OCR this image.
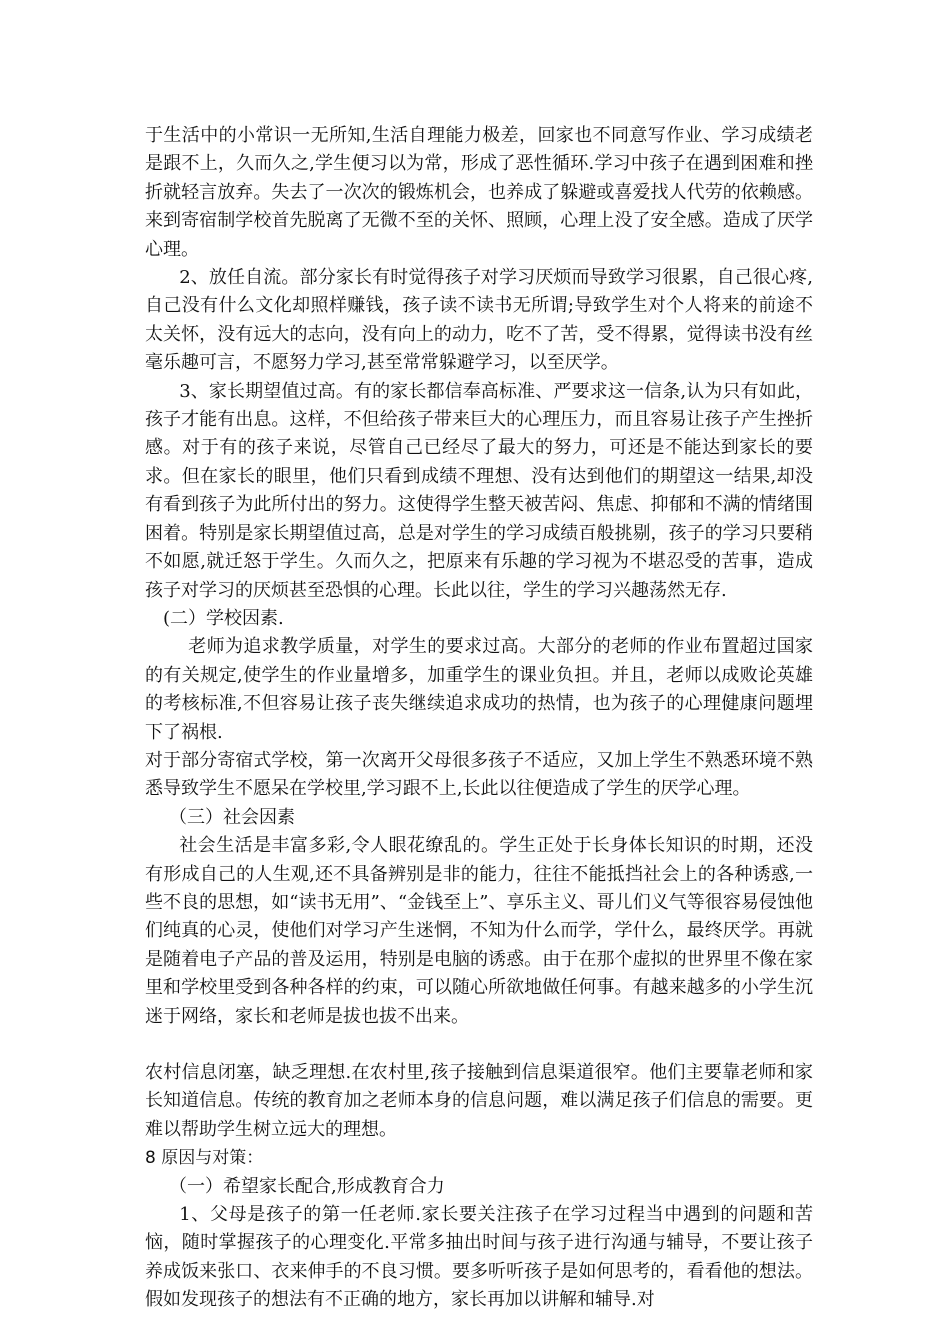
于生活中的小常识一无所知,生活自理能力极差，回家也不同意写作业、学习成绩老是跟不上，久而久之,学生便习以为常，形成了恶性循环.学习中孩子在遇到困难和挫折就轻言放弃。失去了一次次的锻炼机会，也养成了躲避或喜爱找人代劳的依赖感。来到寄宿制学校首先脱离了无微不至的关怀、照顾，心理上没了安全感。造成了厌学心理。

2、放任自流。部分家长有时觉得孩子对学习厌烦而导致学习很累，自己很心疼,自己没有什么文化却照样赚钱，孩子读不读书无所谓;导致学生对个人将来的前途不太关怀，没有远大的志向，没有向上的动力，吃不了苦，受不得累，觉得读书没有丝毫乐趣可言，不愿努力学习,甚至常常躲避学习，以至厌学。

3、家长期望值过高。有的家长都信奉高标准、严要求这一信条,认为只有如此，孩子才能有出息。这样，不但给孩子带来巨大的心理压力，而且容易让孩子产生挫折感。对于有的孩子来说，尽管自己已经尽了最大的努力，可还是不能达到家长的要求。但在家长的眼里，他们只看到成绩不理想、没有达到他们的期望这一结果,却没有看到孩子为此所付出的努力。这使得学生整天被苦闷、焦虑、抑郁和不满的情绪围困着。特别是家长期望值过高，总是对学生的学习成绩百般挑剔，孩子的学习只要稍不如愿,就迁怒于学生。久而久之，把原来有乐趣的学习视为不堪忍受的苦事，造成孩子对学习的厌烦甚至恐惧的心理。长此以往，学生的学习兴趣荡然无存.

(二）学校因素.

老师为追求教学质量，对学生的要求过高。大部分的老师的作业布置超过国家的有关规定,使学生的作业量增多，加重学生的课业负担。并且，老师以成败论英雄的考核标准,不但容易让孩子丧失继续追求成功的热情，也为孩子的心理健康问题埋下了祸根.

对于部分寄宿式学校，第一次离开父母很多孩子不适应，又加上学生不熟悉环境不熟悉导致学生不愿呆在学校里,学习跟不上,长此以往便造成了学生的厌学心理。

（三）社会因素

社会生活是丰富多彩,令人眼花缭乱的。学生正处于长身体长知识的时期，还没有形成自己的人生观,还不具备辨别是非的能力，往往不能抵挡社会上的各种诱惑,一些不良的思想，如“读书无用”、“金钱至上”、享乐主义、哥儿们义气等很容易侵蚀他们纯真的心灵，使他们对学习产生迷惘，不知为什么而学，学什么，最终厌学。再就是随着电子产品的普及运用，特别是电脑的诱惑。由于在那个虚拟的世界里不像在家里和学校里受到各种各样的约束，可以随心所欲地做任何事。有越来越多的小学生沉迷于网络，家长和老师是拔也拔不出来。

农村信息闭塞，缺乏理想.在农村里,孩子接触到信息渠道很窄。他们主要靠老师和家长知道信息。传统的教育加之老师本身的信息问题，难以满足孩子们信息的需要。更难以帮助学生树立远大的理想。

8 原因与对策：

（一）希望家长配合,形成教育合力

1、父母是孩子的第一任老师.家长要关注孩子在学习过程当中遇到的问题和苦恼，随时掌握孩子的心理变化.平常多抽出时间与孩子进行沟通与辅导，不要让孩子养成饭来张口、衣来伸手的不良习惯。要多听听孩子是如何思考的，看看他的想法。假如发现孩子的想法有不正确的地方，家长再加以讲解和辅导.对
